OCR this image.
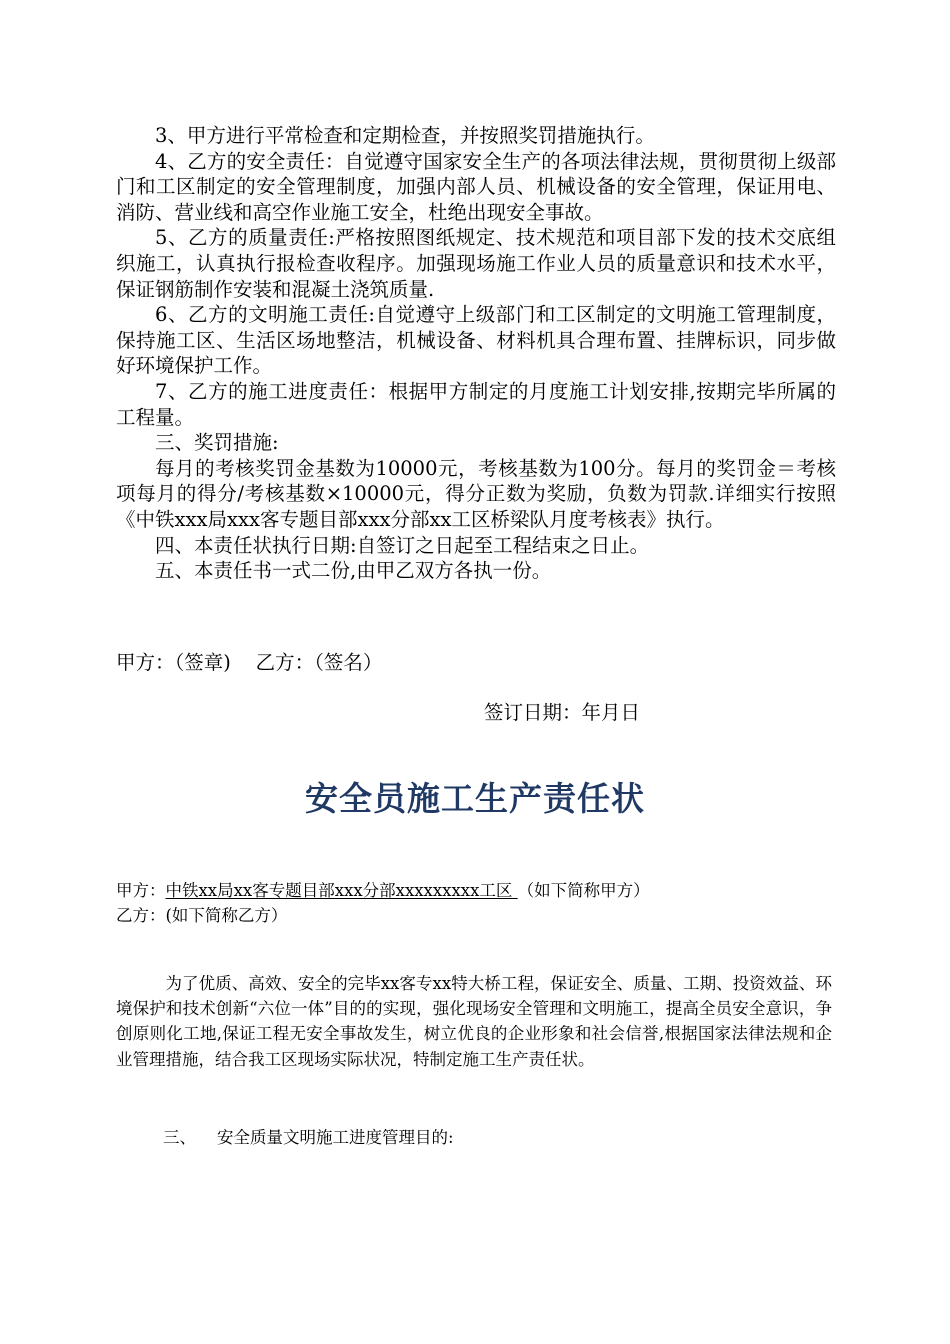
3、甲方进行平常检查和定期检查，并按照奖罚措施执行。

4、乙方的安全责任：自觉遵守国家安全生产的各项法律法规，贯彻贯彻上级部门和工区制定的安全管理制度，加强内部人员、机械设备的安全管理，保证用电、消防、营业线和高空作业施工安全，杜绝出现安全事故。

5、乙方的质量责任:严格按照图纸规定、技术规范和项目部下发的技术交底组织施工，认真执行报检查收程序。加强现场施工作业人员的质量意识和技术水平，保证钢筋制作安装和混凝土浇筑质量.

6、乙方的文明施工责任:自觉遵守上级部门和工区制定的文明施工管理制度，保持施工区、生活区场地整洁，机械设备、材料机具合理布置、挂牌标识，同步做好环境保护工作。

7、乙方的施工进度责任：根据甲方制定的月度施工计划安排,按期完毕所属的工程量。

三、奖罚措施:

每月的考核奖罚金基数为10000元，考核基数为100分。每月的奖罚金＝考核项每月的得分/考核基数×10000元，得分正数为奖励，负数为罚款.详细实行按照《中铁xxx局xxx客专题目部xxx分部xx工区桥梁队月度考核表》执行。

四、本责任状执行日期:自签订之日起至工程结束之日止。

五、本责任书一式二份,由甲乙双方各执一份。

甲方：（签章)    乙方：（签名）
签订日期：年月日
安全员施工生产责任状
甲方：中铁xx局xx客专题目部xxx分部xxxxxxxxx工区 （如下简称甲方）
乙方：(如下简称乙方）

为了优质、高效、安全的完毕xx客专xx特大桥工程，保证安全、质量、工期、投资效益、环境保护和技术创新“六位一体”目的的实现，强化现场安全管理和文明施工，提高全员安全意识，争创原则化工地,保证工程无安全事故发生，树立优良的企业形象和社会信誉,根据国家法律法规和企业管理措施，结合我工区现场实际状况，特制定施工生产责任状。

三、    安全质量文明施工进度管理目的:
